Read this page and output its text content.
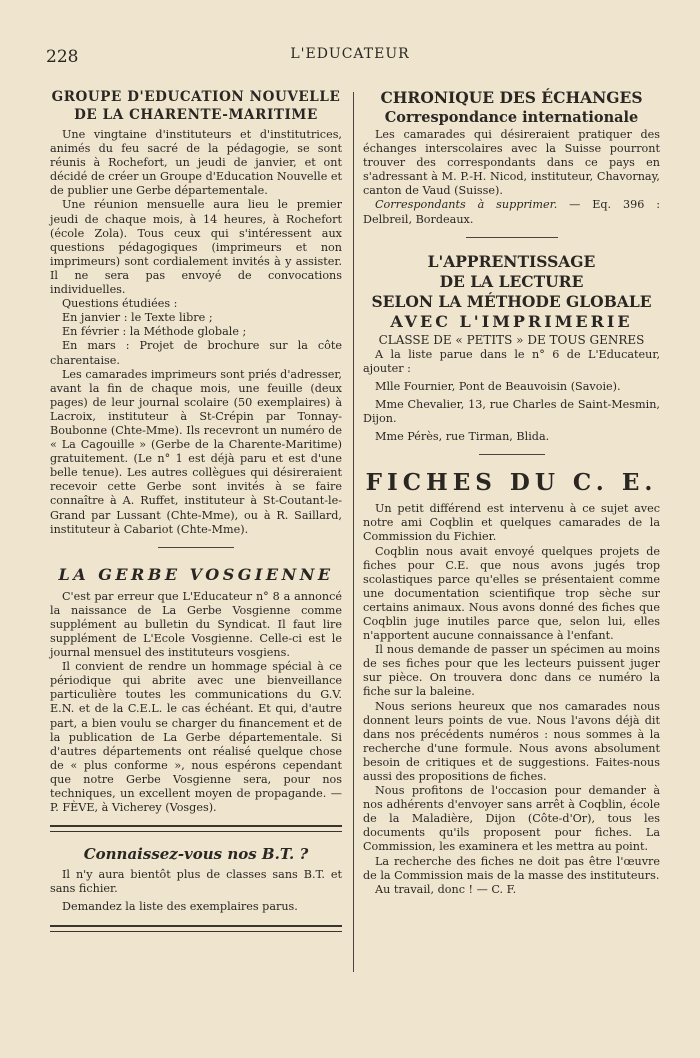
228	L'EDUCATEUR
GROUPE D'EDUCATION NOUVELLE
DE LA CHARENTE-MARITIME

Une vingtaine d'instituteurs et d'institutrices, animés du feu sacré de la pédagogie, se sont réunis à Rochefort, un jeudi de janvier, et ont décidé de créer un Groupe d'Education Nouvelle et de publier une Gerbe départementale.

Une réunion mensuelle aura lieu le premier jeudi de chaque mois, à 14 heures, à Rochefort (école Zola). Tous ceux qui s'intéressent aux questions pédagogiques (imprimeurs et non imprimeurs) sont cordialement invités à y assister. Il ne sera pas envoyé de convocations individuelles.

Questions étudiées :

En janvier : le Texte libre ;

En février : la Méthode globale ;

En mars : Projet de brochure sur la côte charentaise.

Les camarades imprimeurs sont priés d'adresser, avant la fin de chaque mois, une feuille (deux pages) de leur journal scolaire (50 exemplaires) à Lacroix, instituteur à St-Crépin par Tonnay-Boubonne (Chte-Mme). Ils recevront un numéro de « La Cagouille » (Gerbe de la Charente-Maritime) gratuitement. (Le n° 1 est déjà paru et est d'une belle tenue). Les autres collègues qui désireraient recevoir cette Gerbe sont invités à se faire connaître à A. Ruffet, instituteur à St-Coutant-le-Grand par Lussant (Chte-Mme), ou à R. Saillard, instituteur à Cabariot (Chte-Mme).

LA GERBE VOSGIENNE

C'est par erreur que L'Educateur n° 8 a annoncé la naissance de La Gerbe Vosgienne comme supplément au bulletin du Syndicat. Il faut lire supplément de L'Ecole Vosgienne. Celle-ci est le journal mensuel des instituteurs vosgiens.

Il convient de rendre un hommage spécial à ce périodique qui abrite avec une bienveillance particulière toutes les communications du G.V. E.N. et de la C.E.L. le cas échéant. Et qui, d'autre part, a bien voulu se charger du financement et de la publication de La Gerbe départementale. Si d'autres départements ont réalisé quelque chose de « plus conforme », nous espérons cependant que notre Gerbe Vosgienne sera, pour nos techniques, un excellent moyen de propagande. — P. FÈVE, à Vicherey (Vosges).

Connaissez-vous nos B.T. ?

Il n'y aura bientôt plus de classes sans B.T. et sans fichier.

Demandez la liste des exemplaires parus.

CHRONIQUE DES ÉCHANGES
Correspondance internationale

Les camarades qui désireraient pratiquer des échanges interscolaires avec la Suisse pourront trouver des correspondants dans ce pays en s'adressant à M. P.-H. Nicod, instituteur, Chavornay, canton de Vaud (Suisse).

Correspondants à supprimer. — Eq. 396 : Delbreil, Bordeaux.

L'APPRENTISSAGE
DE LA LECTURE
SELON LA MÉTHODE GLOBALE
AVEC L'IMPRIMERIE
CLASSE DE « PETITS » DE TOUS GENRES

A la liste parue dans le n° 6 de L'Educateur, ajouter :

Mlle Fournier, Pont de Beauvoisin (Savoie).

Mme Chevalier, 13, rue Charles de Saint-Mesmin, Dijon.

Mme Pérès, rue Tirman, Blida.

FICHES DU C. E.

Un petit différend est intervenu à ce sujet avec notre ami Coqblin et quelques camarades de la Commission du Fichier.

Coqblin nous avait envoyé quelques projets de fiches pour C.E. que nous avons jugés trop scolastiques parce qu'elles se présentaient comme une documentation scientifique trop sèche sur certains animaux. Nous avons donné des fiches que Coqblin juge inutiles parce que, selon lui, elles n'apportent aucune connaissance à l'enfant.

Il nous demande de passer un spécimen au moins de ses fiches pour que les lecteurs puissent juger sur pièce. On trouvera donc dans ce numéro la fiche sur la baleine.

Nous serions heureux que nos camarades nous donnent leurs points de vue. Nous l'avons déjà dit dans nos précédents numéros : nous sommes à la recherche d'une formule. Nous avons absolument besoin de critiques et de suggestions. Faites-nous aussi des propositions de fiches.

Nous profitons de l'occasion pour demander à nos adhérents d'envoyer sans arrêt à Coqblin, école de la Maladière, Dijon (Côte-d'Or), tous les documents qu'ils proposent pour fiches. La Commission, les examinera et les mettra au point.

La recherche des fiches ne doit pas être l'œuvre de la Commission mais de la masse des instituteurs.

Au travail, donc ! — C. F.
